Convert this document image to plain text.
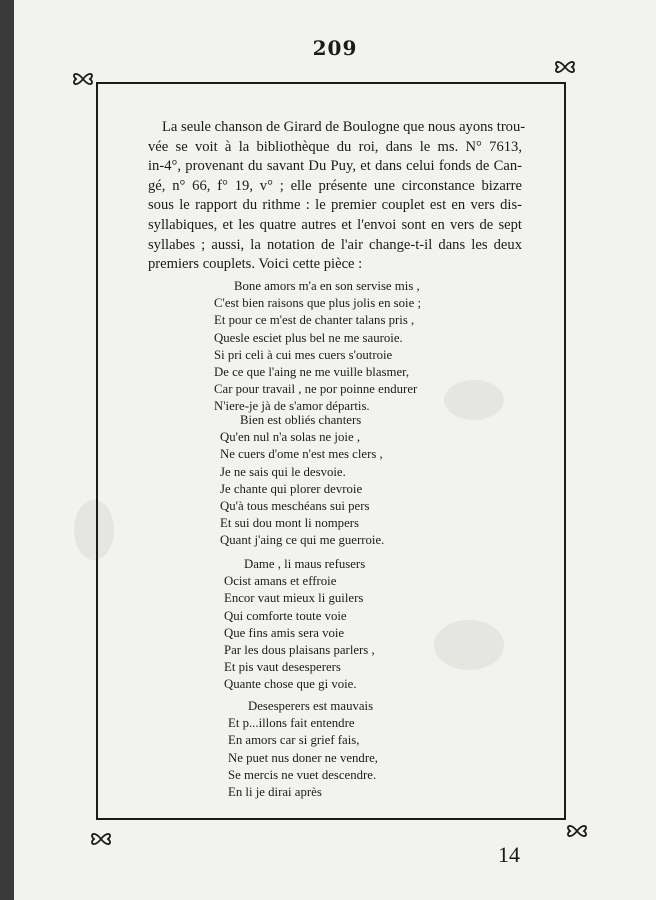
209
La seule chanson de Girard de Boulogne que nous ayons trou-
vée se voit à la bibliothèque du roi, dans le ms. N° 7613,
in-4°, provenant du savant Du Puy, et dans celui fonds de Can-
gé, n° 66, f° 19, v° ; elle présente une circonstance bizarre
sous le rapport du rithme : le premier couplet est en vers dis-
syllabiques, et les quatre autres et l'envoi sont en vers de sept
syllabes ; aussi, la notation de l'air change-t-il dans les deux
premiers couplets. Voici cette pièce :
Bone amors m'a en son servise mis ,
C'est bien raisons que plus jolis en soie ;
Et pour ce m'est de chanter talans pris ,
Quesle esciet plus bel ne me sauroie.
Si pri celi à cui mes cuers s'outroie
De ce que l'aing ne me vuille blasmer,
Car pour travail , ne por poinne endurer
N'iere-je jà de s'amor départis.
Bien est obliés chanters
Qu'en nul n'a solas ne joie ,
Ne cuers d'ome n'est mes clers ,
Je ne sais qui le desvoie.
Je chante qui plorer devroie
Qu'à tous meschéans sui pers
Et sui dou mont li nompers
Quant j'aing ce qui me guerroie.
Dame , li maus refusers
Ocist amans et effroie
Encor vaut mieux li guilers
Qui comforte toute voie
Que fins amis sera voie
Par les dous plaisans parlers ,
Et pis vaut desesperers
Quante chose que gi voie.
Desesperers est mauvais
Et p...illons fait entendre
En amors car si grief fais,
Ne puet nus doner ne vendre,
Se mercis ne vuet descendre.
En li je dirai après
14
